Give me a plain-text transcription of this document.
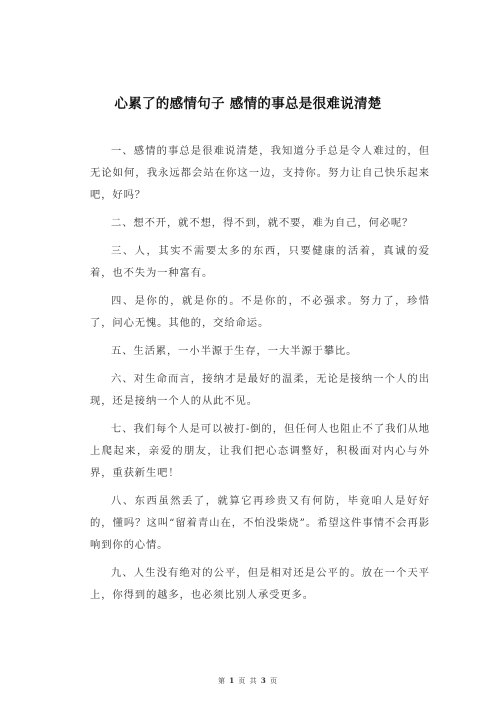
心累了的感情句子 感情的事总是很难说清楚

一、感情的事总是很难说清楚，我知道分手总是令人难过的，但无论如何，我永远都会站在你这一边，支持你。努力让自己快乐起来吧，好吗？

二、想不开，就不想，得不到，就不要，难为自己，何必呢？

三、人，其实不需要太多的东西，只要健康的活着，真诚的爱着，也不失为一种富有。

四、是你的，就是你的。不是你的，不必强求。努力了，珍惜了，问心无愧。其他的，交给命运。

五、生活累，一小半源于生存，一大半源于攀比。

六、对生命而言，接纳才是最好的温柔，无论是接纳一个人的出现，还是接纳一个人的从此不见。

七、我们每个人是可以被打-倒的，但任何人也阻止不了我们从地上爬起来，亲爱的朋友，让我们把心态调整好，积极面对内心与外界，重获新生吧！

八、东西虽然丢了，就算它再珍贵又有何防，毕竟咱人是好好的，懂吗？这叫“留着青山在，不怕没柴烧”。希望这件事情不会再影响到你的心情。

九、人生没有绝对的公平，但是相对还是公平的。放在一个天平上，你得到的越多，也必须比别人承受更多。

第 1 页 共 3 页
